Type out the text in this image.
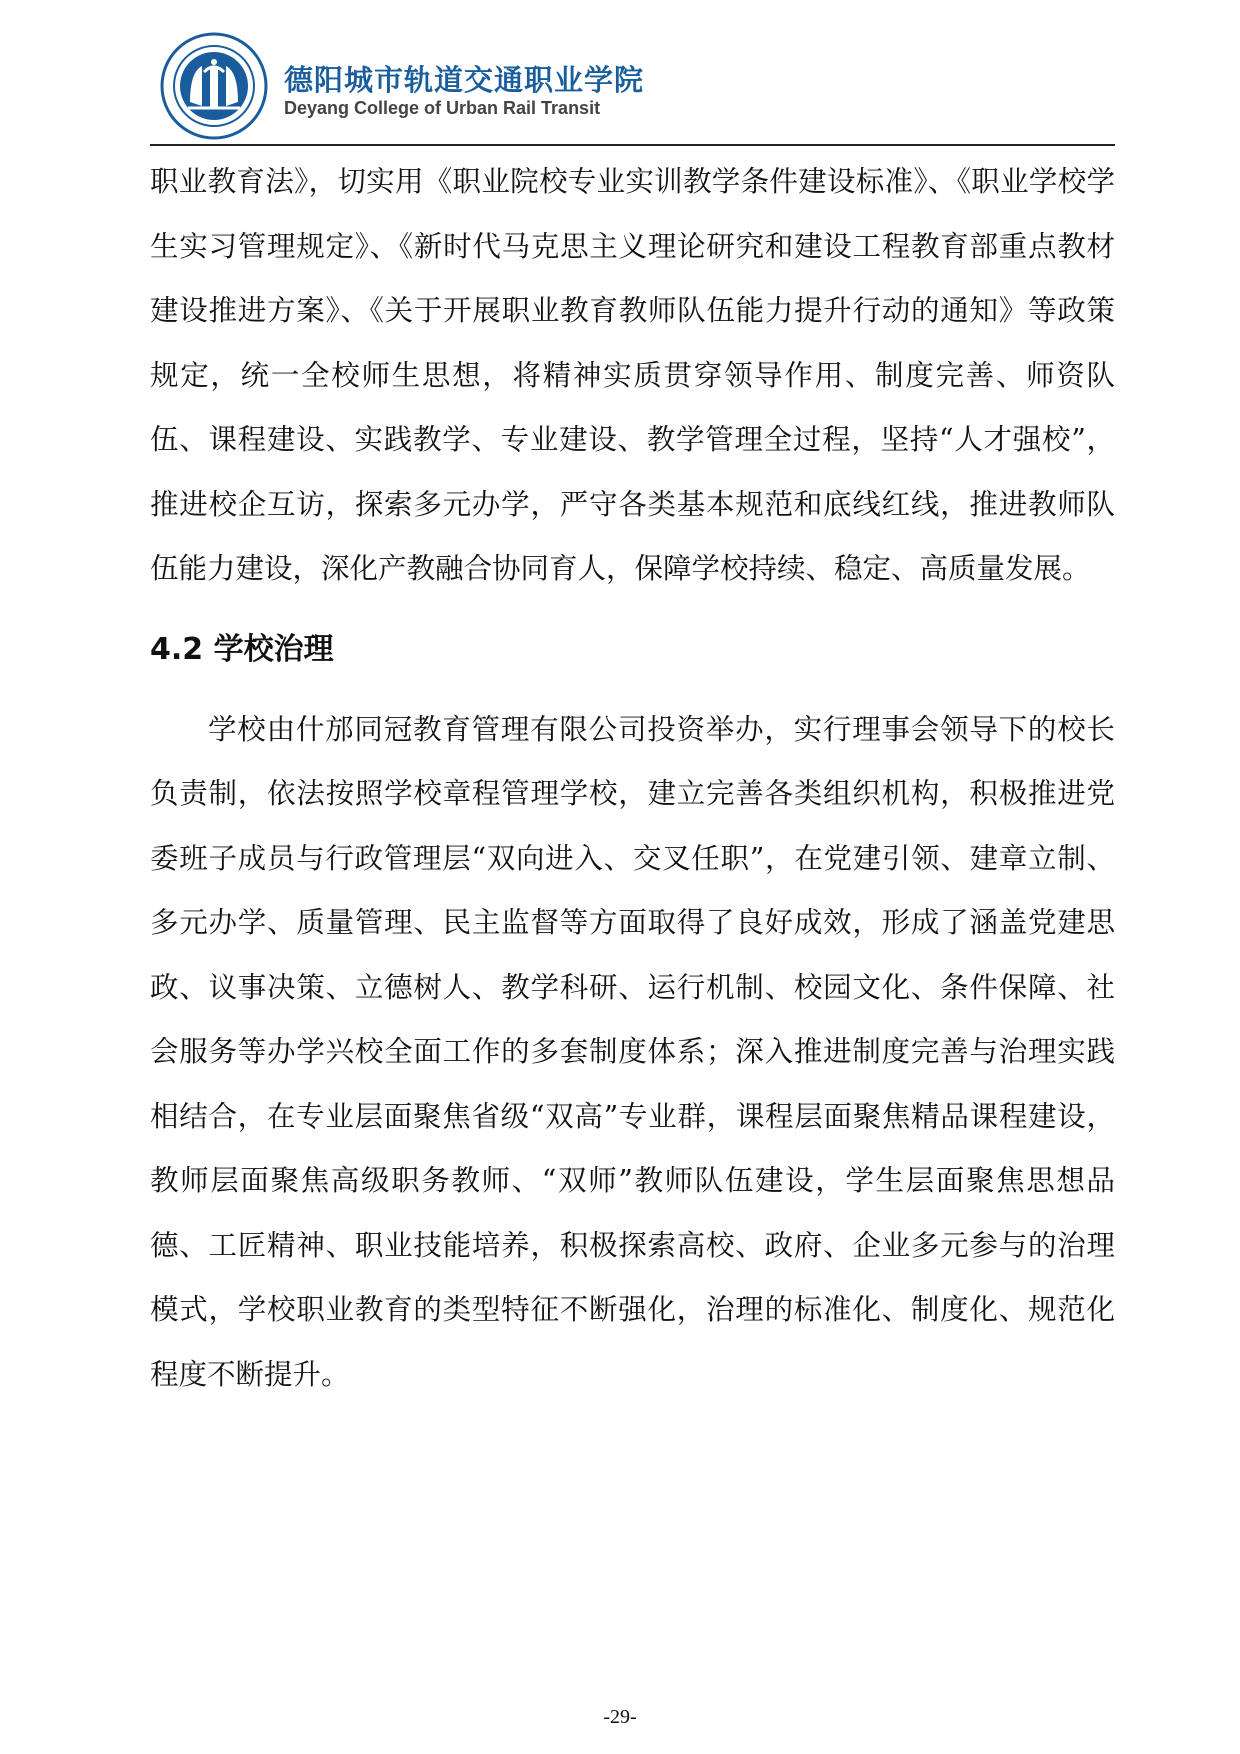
德阳城市轨道交通职业学院
Deyang College of Urban Rail Transit

职业教育法》，切实用《职业院校专业实训教学条件建设标准》、《职业学校学生实习管理规定》、《新时代马克思主义理论研究和建设工程教育部重点教材建设推进方案》、《关于开展职业教育教师队伍能力提升行动的通知》等政策规定，统一全校师生思想，将精神实质贯穿领导作用、制度完善、师资队伍、课程建设、实践教学、专业建设、教学管理全过程，坚持“人才强校”，推进校企互访，探索多元办学，严守各类基本规范和底线红线，推进教师队伍能力建设，深化产教融合协同育人，保障学校持续、稳定、高质量发展。

4.2 学校治理

学校由什邡同冠教育管理有限公司投资举办，实行理事会领导下的校长负责制，依法按照学校章程管理学校，建立完善各类组织机构，积极推进党委班子成员与行政管理层“双向进入、交叉任职”，在党建引领、建章立制、多元办学、质量管理、民主监督等方面取得了良好成效，形成了涵盖党建思政、议事决策、立德树人、教学科研、运行机制、校园文化、条件保障、社会服务等办学兴校全面工作的多套制度体系；深入推进制度完善与治理实践相结合，在专业层面聚焦省级“双高”专业群，课程层面聚焦精品课程建设，教师层面聚焦高级职务教师、“双师”教师队伍建设，学生层面聚焦思想品德、工匠精神、职业技能培养，积极探索高校、政府、企业多元参与的治理模式，学校职业教育的类型特征不断强化，治理的标准化、制度化、规范化程度不断提升。

-29-
